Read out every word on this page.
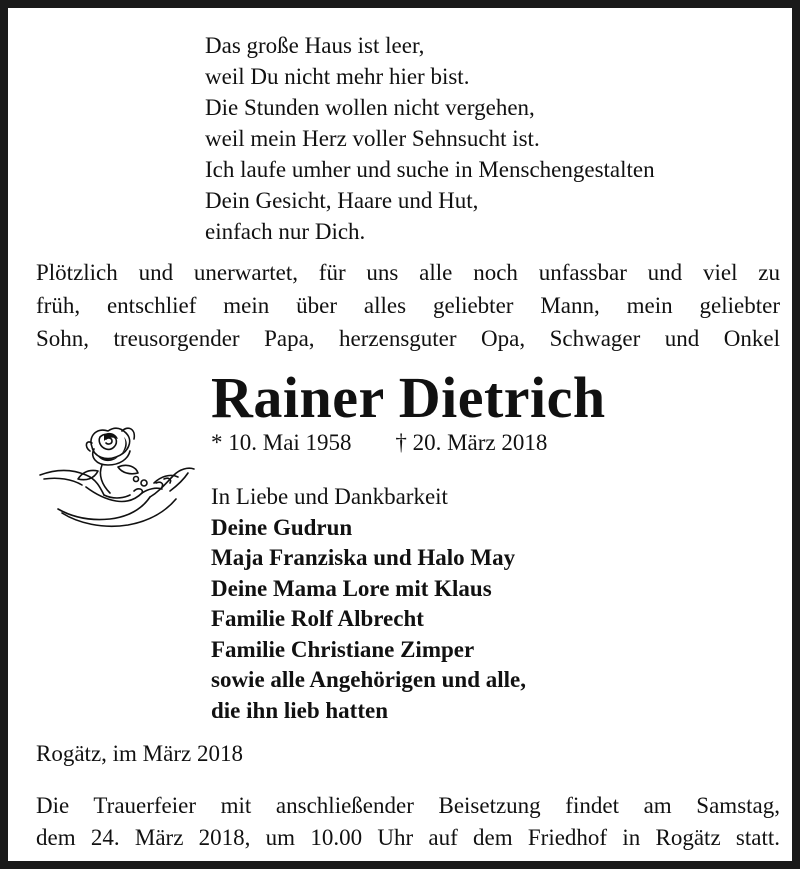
Das große Haus ist leer,
weil Du nicht mehr hier bist.
Die Stunden wollen nicht vergehen,
weil mein Herz voller Sehnsucht ist.
Ich laufe umher und suche in Menschengestalten
Dein Gesicht, Haare und Hut,
einfach nur Dich.
Plötzlich und unerwartet, für uns alle noch unfassbar und viel zu
früh, entschlief mein über alles geliebter Mann, mein geliebter
Sohn, treusorgender Papa, herzensguter Opa, Schwager und Onkel
Rainer Dietrich
* 10. Mai 1958 † 20. März 2018
In Liebe und Dankbarkeit
Deine Gudrun
Maja Franziska und Halo May
Deine Mama Lore mit Klaus
Familie Rolf Albrecht
Familie Christiane Zimper
sowie alle Angehörigen und alle,
die ihn lieb hatten
Rogätz, im März 2018
Die Trauerfeier mit anschließender Beisetzung findet am Samstag,
dem 24. März 2018, um 10.00 Uhr auf dem Friedhof in Rogätz statt.
